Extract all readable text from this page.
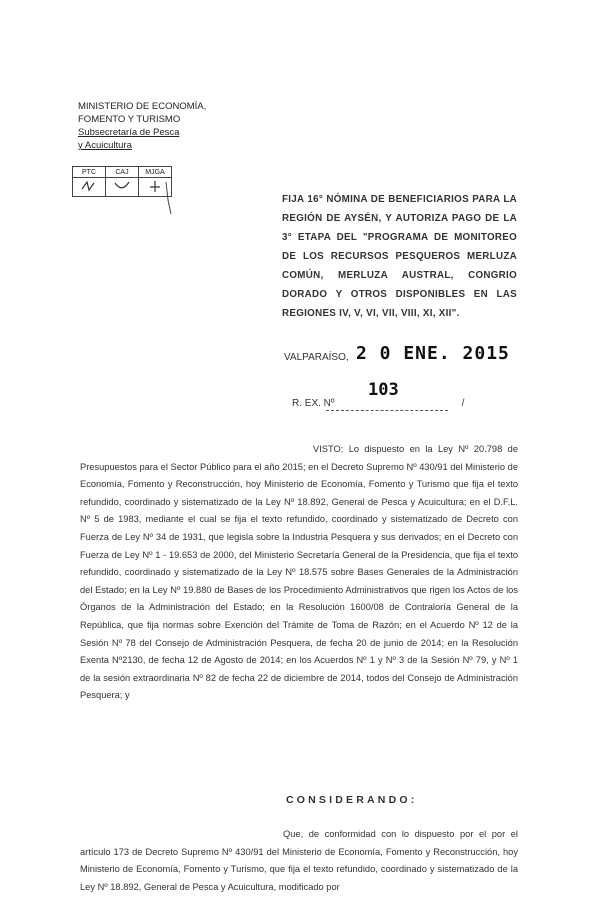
MINISTERIO DE ECONOMÍA,
FOMENTO Y TURISMO
Subsecretaría de Pesca
y Acuicultura
PTC	CAJ	MJGA

FIJA 16° NÓMINA DE BENEFICIARIOS PARA LA REGIÓN DE AYSÉN, Y AUTORIZA PAGO DE LA 3° ETAPA DEL "PROGRAMA DE MONITOREO DE LOS RECURSOS PESQUEROS MERLUZA COMÚN, MERLUZA AUSTRAL, CONGRIO DORADO Y OTROS DISPONIBLES EN LAS REGIONES IV, V, VI, VII, VIII, XI, XII".
VALPARAÍSO, 2 0 ENE. 2015
103
R. EX. Nº	/
VISTO: Lo dispuesto en la Ley Nº 20.798 de Presupuestos para el Sector Público para el año 2015; en el Decreto Supremo Nº 430/91 del Ministerio de Economía, Fomento y Reconstrucción, hoy Ministerio de Economía, Fomento y Turismo que fija el texto refundido, coordinado y sistematizado de la Ley Nº 18.892, General de Pesca y Acuicultura; en el D.F.L. Nº 5 de 1983, mediante el cual se fija el texto refundido, coordinado y sistematizado de Decreto con Fuerza de Ley Nº 34 de 1931, que legisla sobre la Industria Pesquera y sus derivados; en el Decreto con Fuerza de Ley Nº 1 - 19.653 de 2000, del Ministerio Secretaría General de la Presidencia, que fija el texto refundido, coordinado y sistematizado de la Ley Nº 18.575 sobre Bases Generales de la Administración del Estado; en la Ley Nº 19.880 de Bases de los Procedimiento Administrativos que rigen los Actos de los Órganos de la Administración del Estado; en la Resolución 1600/08 de Contraloría General de la República, que fija normas sobre Exención del Trámite de Toma de Razón; en el Acuerdo Nº 12 de la Sesión Nº 78 del Consejo de Administración Pesquera, de fecha 20 de junio de 2014; en la Resolución Exenta Nº2130, de fecha 12 de Agosto de 2014; en los Acuerdos Nº 1 y Nº 3 de la Sesión Nº 79, y Nº 1 de la sesión extraordinaria Nº 82 de fecha 22 de diciembre de 2014, todos del Consejo de Administración Pesquera; y
CONSIDERANDO:
Que, de conformidad con lo dispuesto por el por el artículo 173 de Decreto Supremo Nº 430/91 del Ministerio de Economía, Fomento y Reconstrucción, hoy Ministerio de Economía, Fomento y Turismo, que fija el texto refundido, coordinado y sistematizado de la Ley Nº 18.892, General de Pesca y Acuicultura, modificado por
